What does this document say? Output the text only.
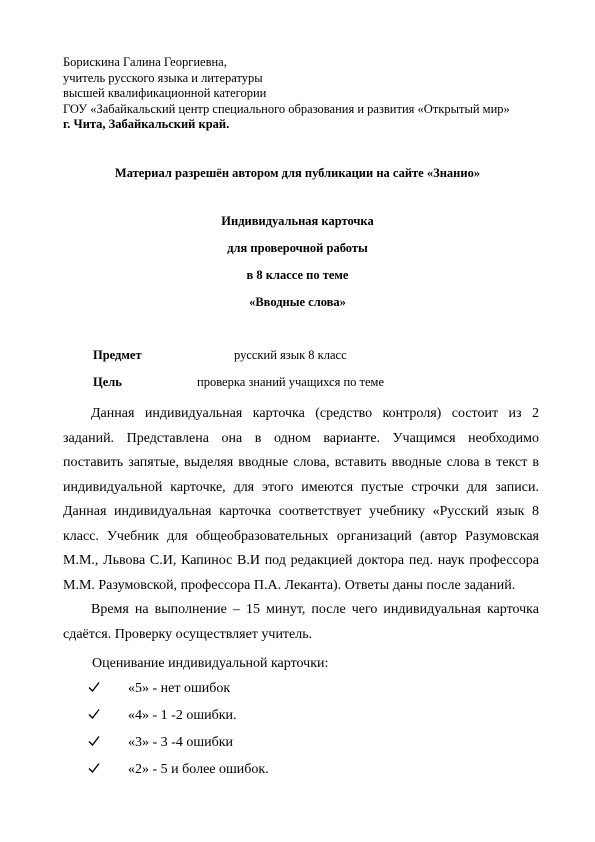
Борискина Галина Георгиевна,
учитель русского языка и литературы
высшей квалификационной категории
ГОУ «Забайкальский центр специального образования и развития «Открытый мир»
г. Чита, Забайкальский край.
Материал разрешён автором для публикации на сайте «Знанио»
Индивидуальная карточка
для проверочной работы
в 8 классе по теме
«Вводные слова»
Предмет	русский язык 8 класс
Цель	проверка знаний учащихся по теме

Данная индивидуальная карточка (средство контроля) состоит из 2 заданий. Представлена она в одном варианте. Учащимся необходимо поставить запятые, выделяя вводные слова, вставить вводные слова в текст в индивидуальной карточке, для этого имеются пустые строчки для записи. Данная индивидуальная карточка соответствует учебнику «Русский язык 8 класс. Учебник для общеобразовательных организаций (автор Разумовская М.М., Львова С.И, Капинос В.И под редакцией доктора пед. наук профессора М.М. Разумовской, профессора П.А. Леканта). Ответы даны после заданий.

Время на выполнение – 15 минут, после чего индивидуальная карточка сдаётся. Проверку осуществляет учитель.

Оценивание индивидуальной карточки:
«5» - нет ошибок
«4» - 1 -2 ошибки.
«3» - 3 -4 ошибки
«2» - 5 и более ошибок.
